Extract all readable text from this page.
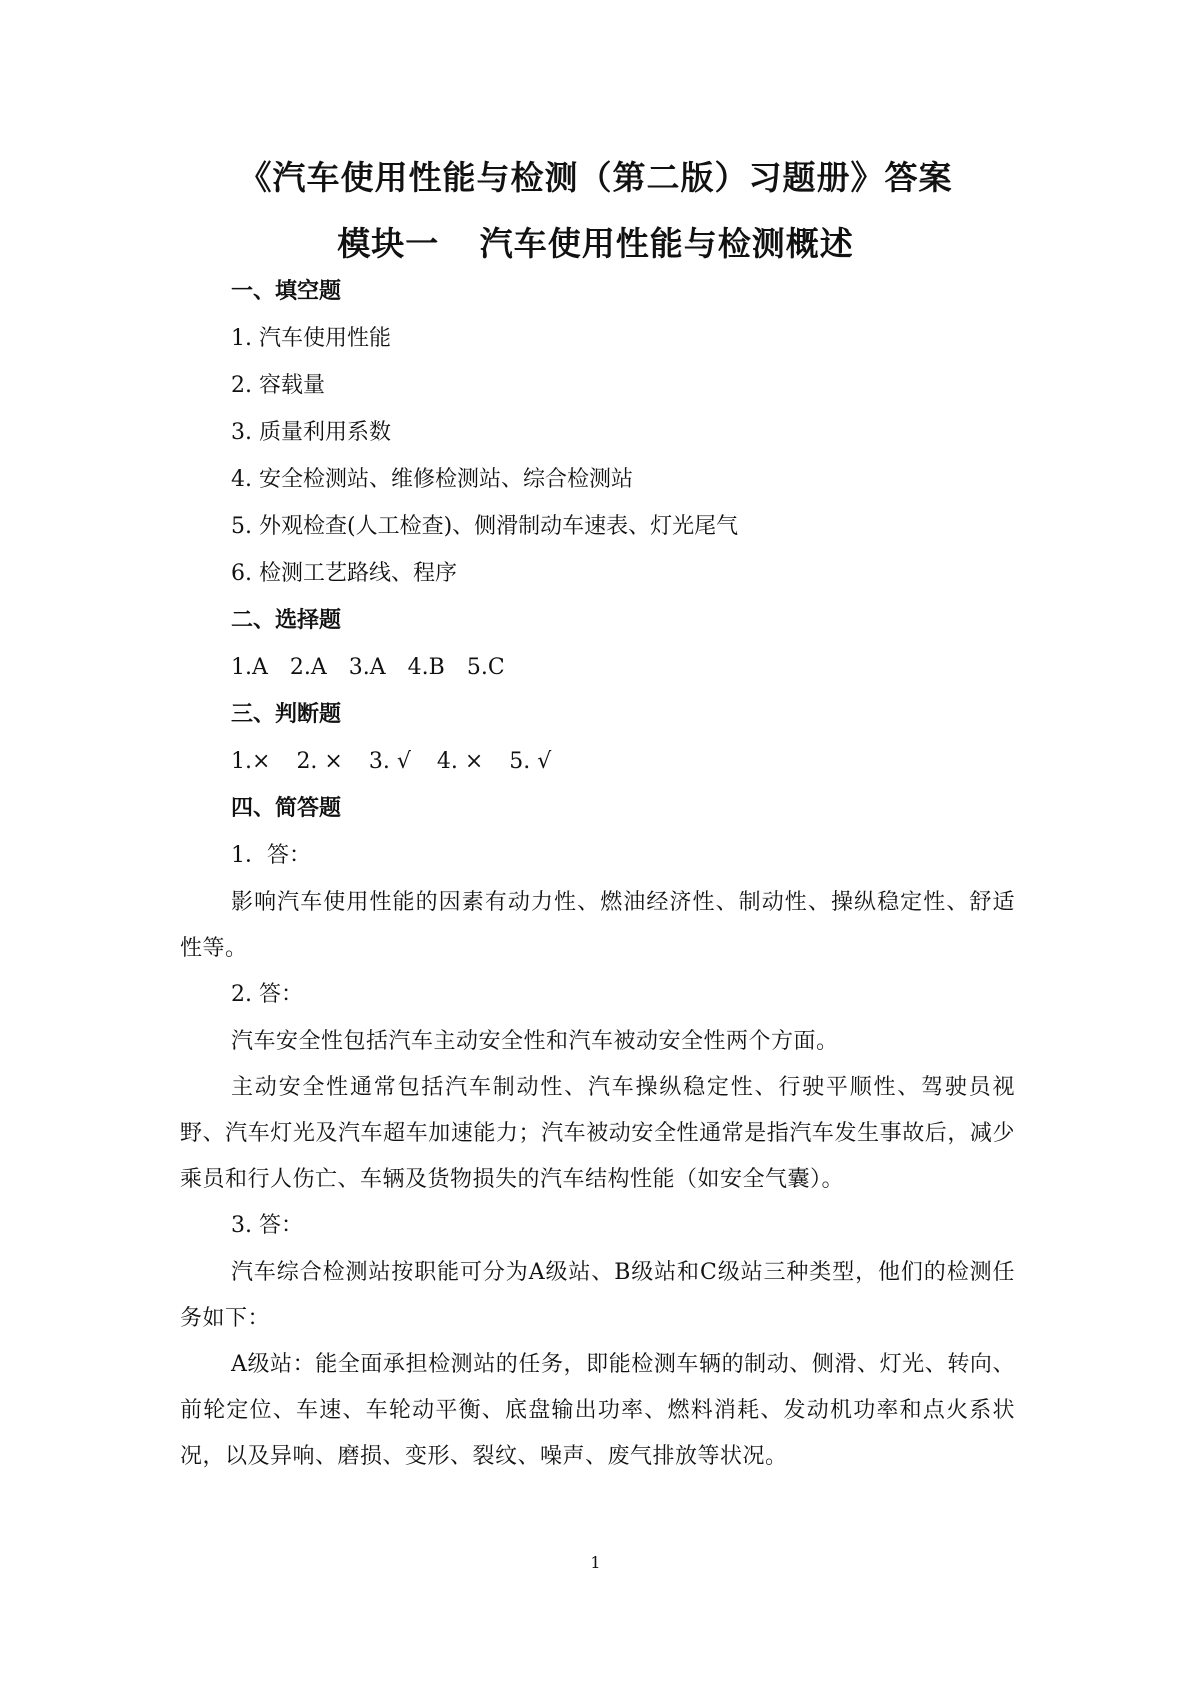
《汽车使用性能与检测（第二版）习题册》答案
模块一 汽车使用性能与检测概述
一、填空题
1. 汽车使用性能
2. 容载量
3. 质量利用系数
4. 安全检测站、维修检测站、综合检测站
5. 外观检查(人工检查)、侧滑制动车速表、灯光尾气
6. 检测工艺路线、程序
二、选择题
1.A 2.A 3.A 4.B 5.C
三、判断题
1.× 2. × 3. √ 4. × 5. √
四、简答题
1．答：
影响汽车使用性能的因素有动力性、燃油经济性、制动性、操纵稳定性、舒适性等。
2. 答：
汽车安全性包括汽车主动安全性和汽车被动安全性两个方面。
主动安全性通常包括汽车制动性、汽车操纵稳定性、行驶平顺性、驾驶员视野、汽车灯光及汽车超车加速能力；汽车被动安全性通常是指汽车发生事故后，减少乘员和行人伤亡、车辆及货物损失的汽车结构性能（如安全气囊）。
3. 答：
汽车综合检测站按职能可分为A级站、B级站和C级站三种类型，他们的检测任务如下：
A级站：能全面承担检测站的任务，即能检测车辆的制动、侧滑、灯光、转向、前轮定位、车速、车轮动平衡、底盘输出功率、燃料消耗、发动机功率和点火系状况，以及异响、磨损、变形、裂纹、噪声、废气排放等状况。
1
